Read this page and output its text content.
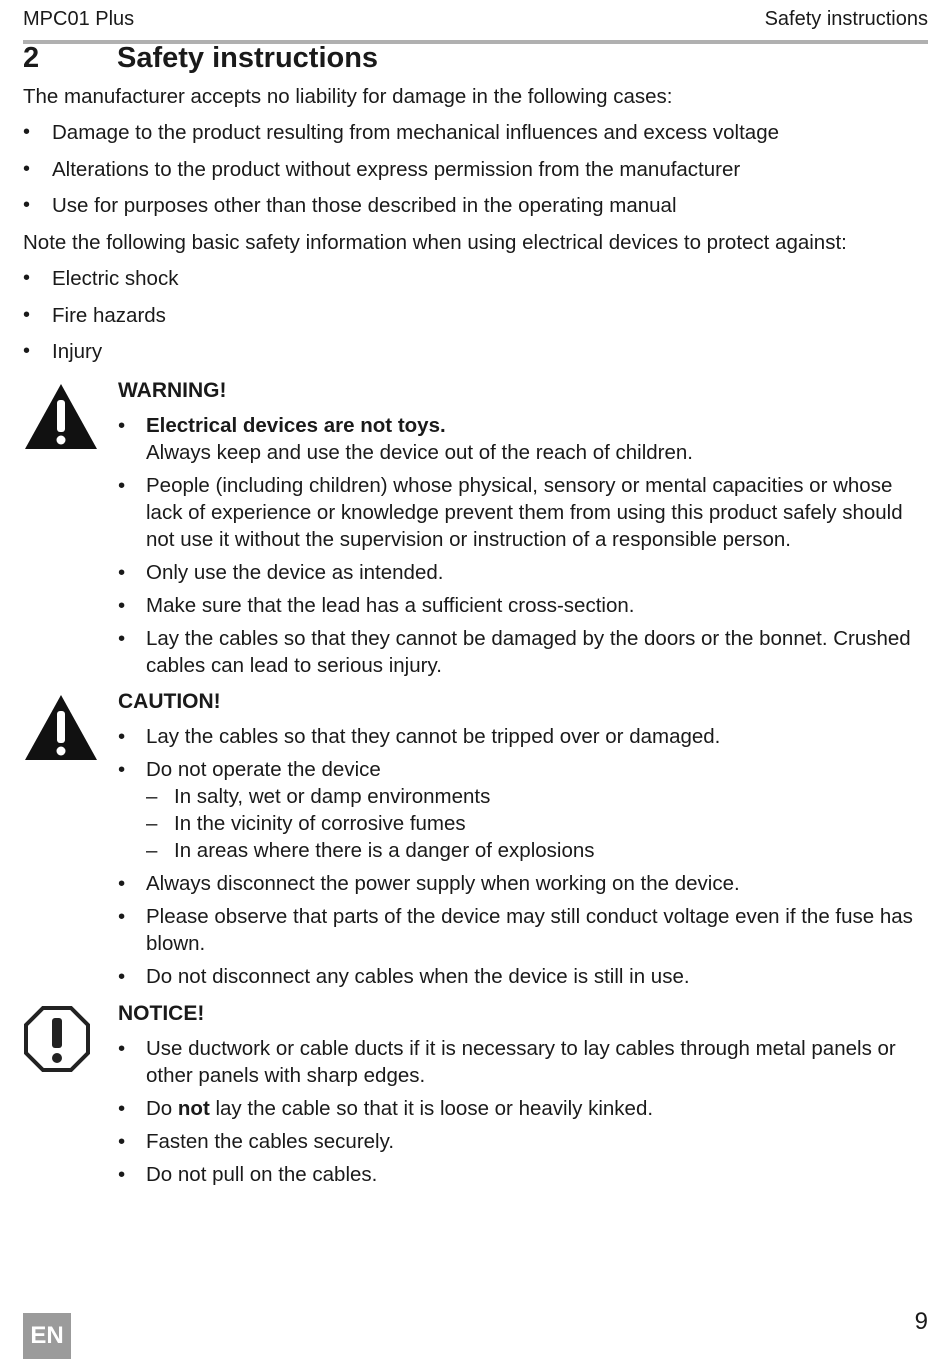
MPC01 Plus	Safety instructions
2	Safety instructions
The manufacturer accepts no liability for damage in the following cases:
• Damage to the product resulting from mechanical influences and excess voltage
• Alterations to the product without express permission from the manufacturer
• Use for purposes other than those described in the operating manual
Note the following basic safety information when using electrical devices to protect against:
• Electric shock
• Fire hazards
• Injury
WARNING!
• Electrical devices are not toys.
Always keep and use the device out of the reach of children.
• People (including children) whose physical, sensory or mental capacities or whose lack of experience or knowledge prevent them from using this product safely should not use it without the supervision or instruction of a responsible person.
• Only use the device as intended.
• Make sure that the lead has a sufficient cross-section.
• Lay the cables so that they cannot be damaged by the doors or the bonnet. Crushed cables can lead to serious injury.
CAUTION!
• Lay the cables so that they cannot be tripped over or damaged.
• Do not operate the device
– In salty, wet or damp environments
– In the vicinity of corrosive fumes
– In areas where there is a danger of explosions
• Always disconnect the power supply when working on the device.
• Please observe that parts of the device may still conduct voltage even if the fuse has blown.
• Do not disconnect any cables when the device is still in use.
NOTICE!
• Use ductwork or cable ducts if it is necessary to lay cables through metal panels or other panels with sharp edges.
• Do not lay the cable so that it is loose or heavily kinked.
• Fasten the cables securely.
• Do not pull on the cables.
EN
9
